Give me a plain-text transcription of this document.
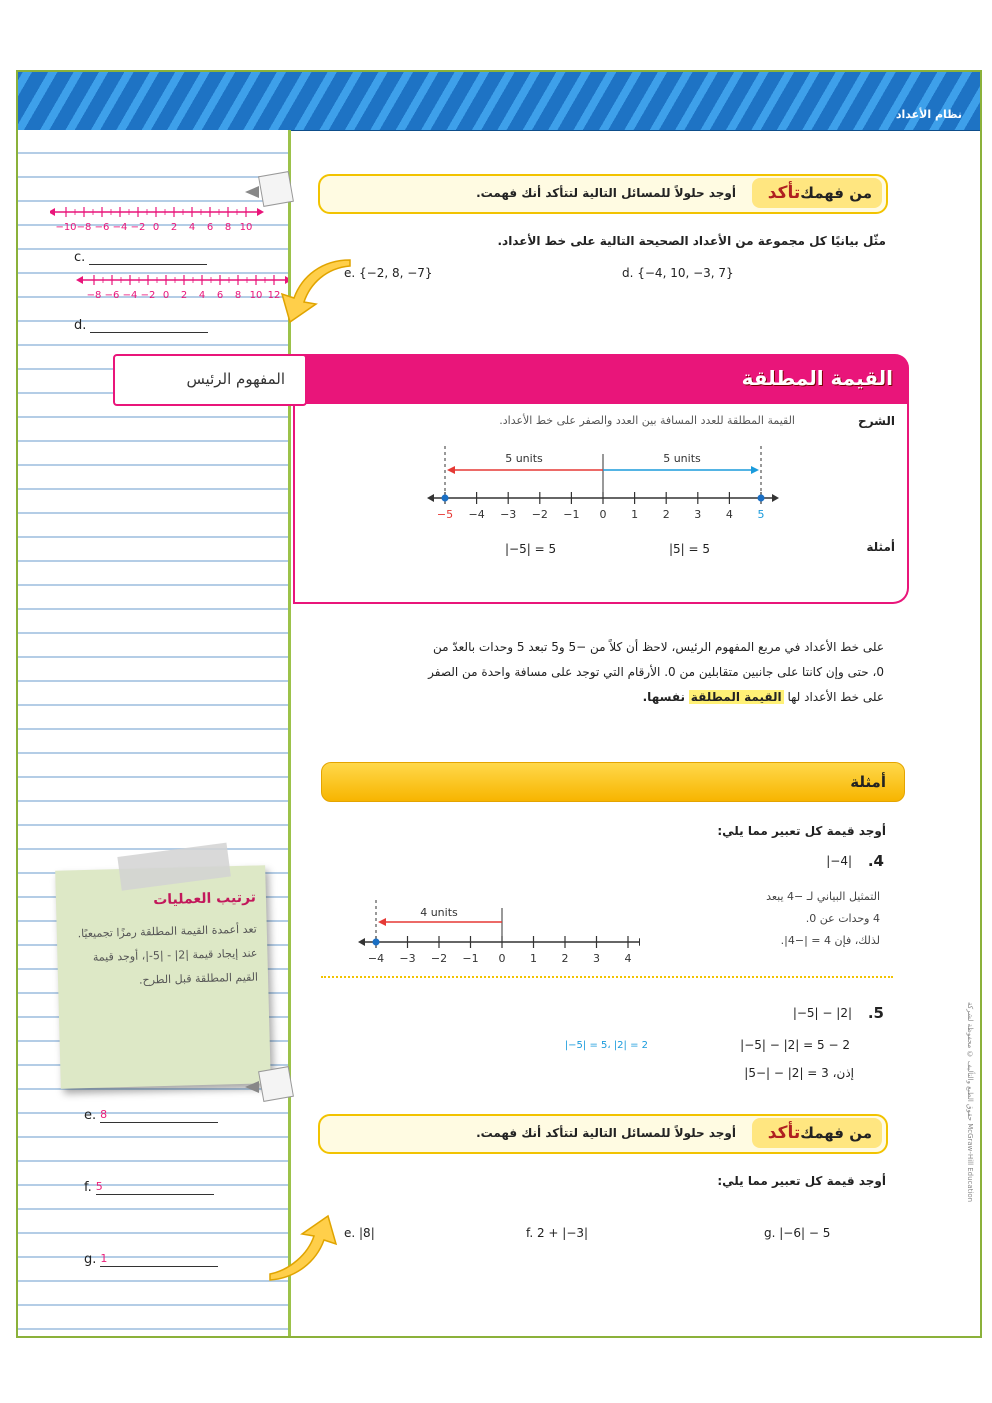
نظام الأعداد
−10 −8 −6 −4 −2 0 2 4 6 8 10
c.
−8 −6 −4 −2 0 2 4 6 8 10 12
d.
ترتيب العمليات
تعد أعمدة القيمة المطلقة رمزًا تجميعيًا. عند إيجاد قيمة |2| - |5-|، أوجد قيمة القيم المطلقة قبل الطرح.
e. 8
f. 5
g. 1
تأكد من فهمك
أوجد حلولاً للمسائل التالية لتتأكد أنك فهمت.
مثّل بيانيًا كل مجموعة من الأعداد الصحيحة التالية على خط الأعداد.
d. {−4, 10, −3, 7}
e. {−2, 8, −7}
القيمة المطلقة
المفهوم الرئيس
الشرح
القيمة المطلقة للعدد المسافة بين العدد والصفر على خط الأعداد.
−5 −4 −3 −2 −1 0 1 2 3 4 5
5 units	5 units
أمثلة
|−5| = 5	|5| = 5
على خط الأعداد في مربع المفهوم الرئيس، لاحظ أن كلاً من −5 و5 تبعد 5 وحدات بالعدّ من
0، حتى وإن كانتا على جانبين متقابلين من 0. الأرقام التي توجد على مسافة واحدة من الصفر
على خط الأعداد لها القيمة المطلقة نفسها.
أمثلة
أوجد قيمة كل تعبير مما يلي:
.4
|−4|
التمثيل البياني لـ −4 يبعد
4 وحدات عن 0.
لذلك، فإن 4 = |−4|.
−4 −3 −2 −1 0 1 2 3 4
4 units
.5
|−5| − |2|
|−5| − |2| = 5 − 2
|−5| = 5، |2| = 2
إذن، 3 = |2| − |−5|
تأكد من فهمك
أوجد حلولاً للمسائل التالية لتتأكد أنك فهمت.
أوجد قيمة كل تعبير مما يلي:
e. |8|	f. 2 + |−3|	g. |−6| − 5
حقوق الطبع والتأليف © محفوظة لشركة McGraw-Hill Education
